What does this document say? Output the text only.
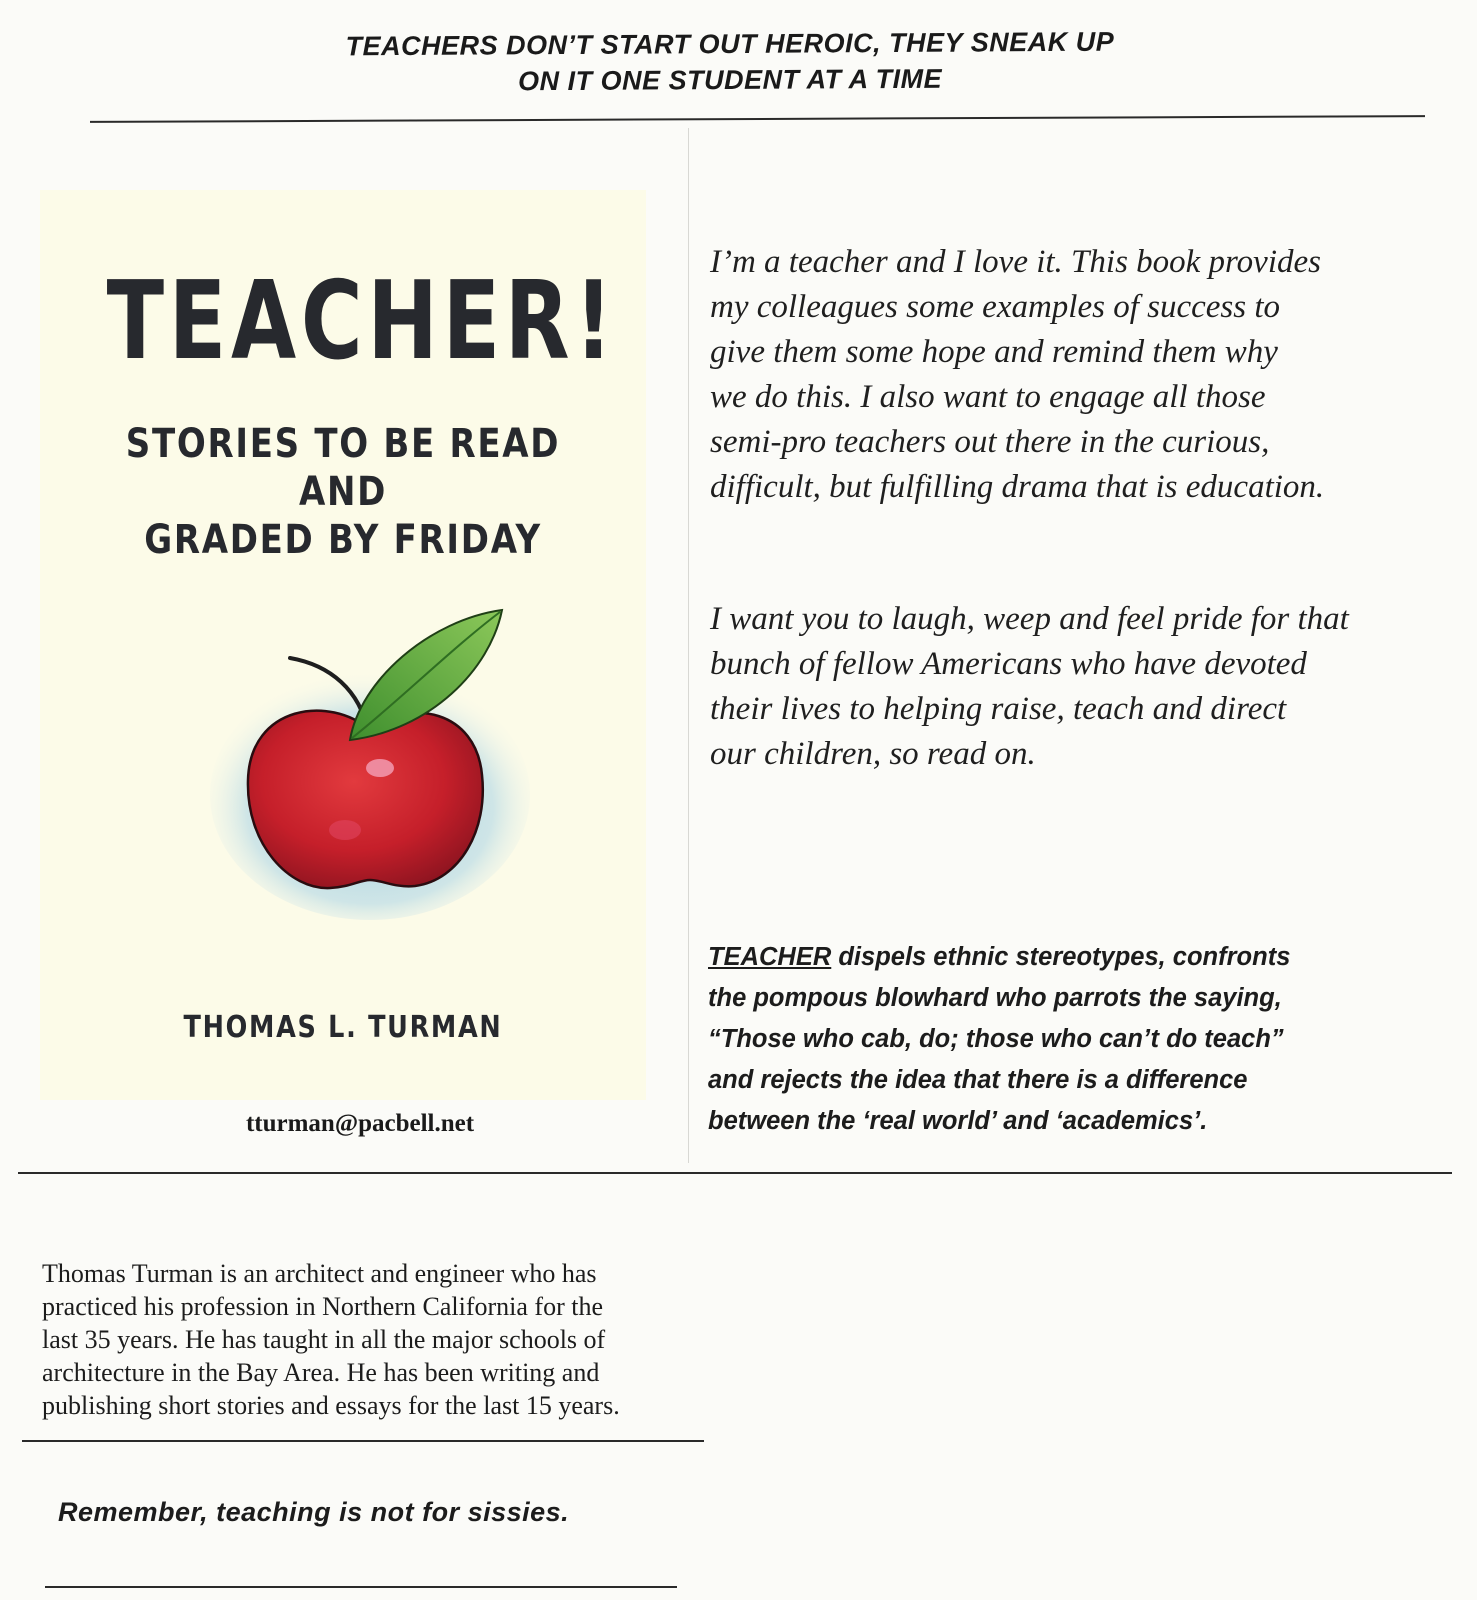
TEACHERS DON’T START OUT HEROIC, THEY SNEAK UP
ON IT ONE STUDENT AT A TIME
TEACHER!
STORIES TO BE READ AND
GRADED BY FRIDAY
THOMAS L. TURMAN
tturman@pacbell.net
I’m a teacher and I love it. This book provides
my colleagues some examples of success to
give them some hope and remind them why
we do this. I also want to engage all those
semi-pro teachers out there in the curious,
difficult, but fulfilling drama that is education.
I want you to laugh, weep and feel pride for that
bunch of fellow Americans who have devoted
their lives to helping raise, teach and direct
our children, so read on.
TEACHER dispels ethnic stereotypes, confronts
the pompous blowhard who parrots the saying,
“Those who cab, do; those who can’t do teach”
and rejects the idea that there is a difference
between the ‘real world’ and ‘academics’.
Thomas Turman is an architect and engineer who has
practiced his profession in Northern California for the
last 35 years. He has taught in all the major schools of
architecture in the Bay Area. He has been writing and
publishing short stories and essays for the last 15 years.
Remember, teaching is not for sissies.
